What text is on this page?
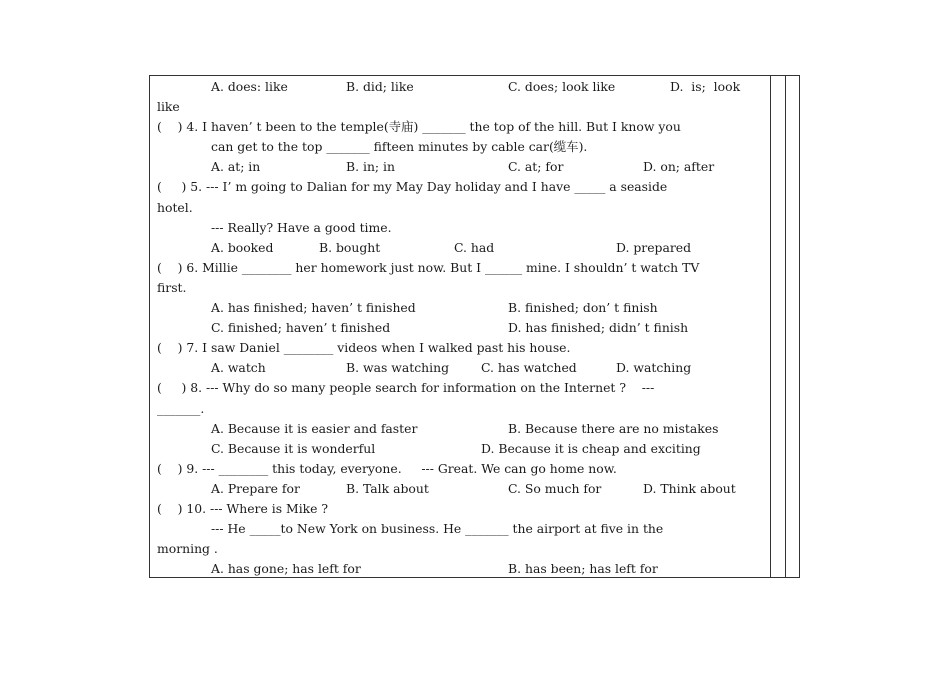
A. does: like

	B. did; like

	C. does; look like

	D.  is;  look

like
(    ) 4. I haven’ t been to the temple(寺庙) _______ the top of the hill. But I know you
can get to the top _______ fifteen minutes by cable car(缆车).

A. at; in

	B. in; in

	C. at; for

	D. on; after

(     ) 5. --- I’ m going to Dalian for my May Day holiday and I have _____ a seaside
hotel.
--- Really? Have a good time.

A. booked

	B. bought

	C. had

	D. prepared

(    ) 6. Millie ________ her homework just now. But I ______ mine. I shouldn’ t watch TV
first.

A. has finished; haven’ t finished

	B. finished; don’ t finish

C. finished; haven’ t finished

	D. has finished; didn’ t finish

(    ) 7. I saw Daniel ________ videos when I walked past his house.

A. watch

	B. was watching

	C. has watched

	D. watching

(     ) 8. --- Why do so many people search for information on the Internet ?    ---
_______.

A. Because it is easier and faster

	B. Because there are no mistakes

C. Because it is wonderful

	D. Because it is cheap and exciting

(    ) 9. --- ________ this today, everyone.     --- Great. We can go home now.

A. Prepare for

	B. Talk about

	C. So much for

	D. Think about

(    ) 10. --- Where is Mike ?
--- He _____to New York on business. He _______ the airport at five in the
morning .

A. has gone; has left for

	B. has been; has left for
